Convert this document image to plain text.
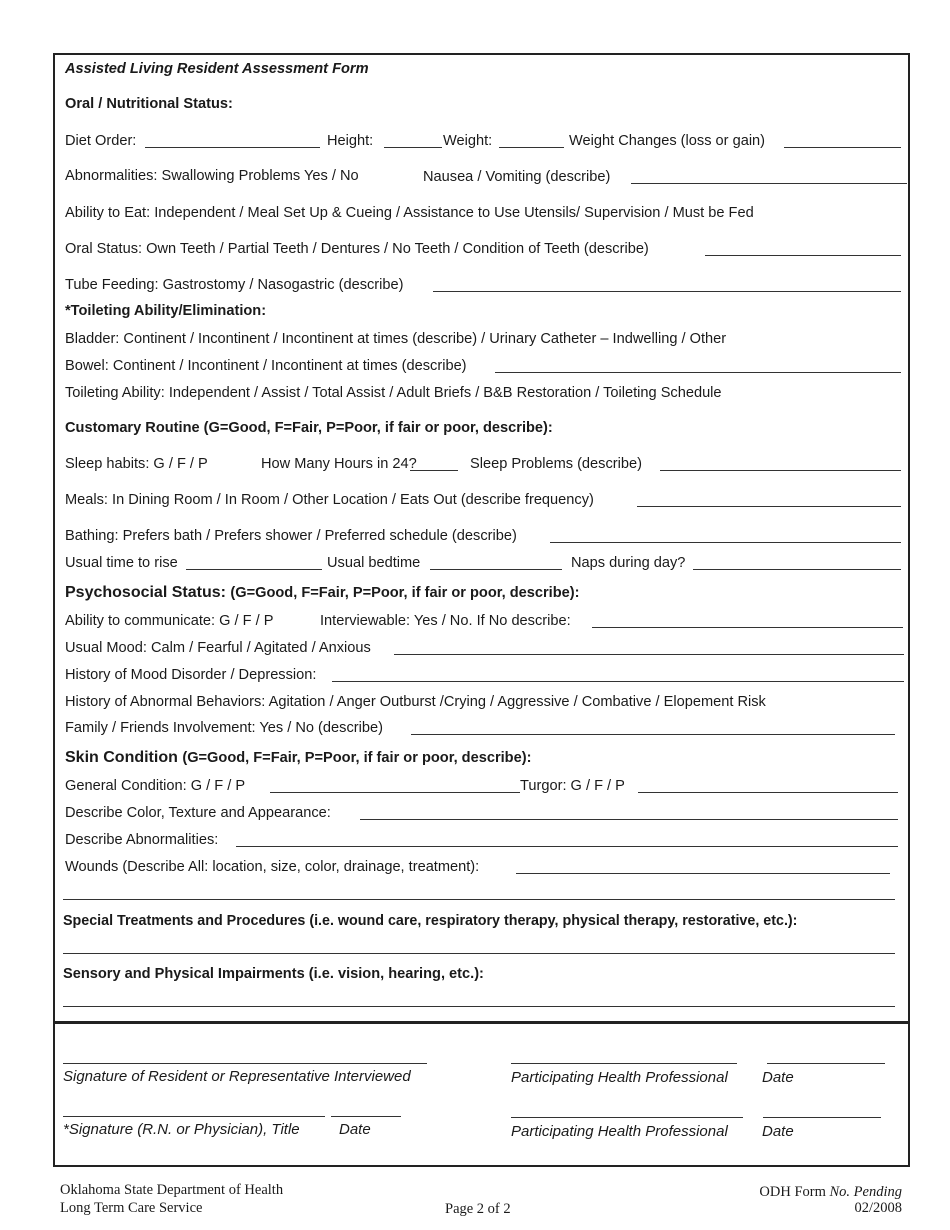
Assisted Living Resident Assessment Form
Oral / Nutritional Status:
Diet Order:	Height:	Weight:	Weight Changes (loss or gain)
Abnormalities: Swallowing Problems Yes / No	Nausea / Vomiting (describe)
Ability to Eat: Independent / Meal Set Up & Cueing / Assistance to Use Utensils/ Supervision / Must be Fed
Oral Status: Own Teeth / Partial Teeth / Dentures / No Teeth / Condition of Teeth (describe)
Tube Feeding: Gastrostomy / Nasogastric (describe)
*Toileting Ability/Elimination:
Bladder: Continent / Incontinent / Incontinent at times (describe) / Urinary Catheter – Indwelling / Other
Bowel: Continent / Incontinent / Incontinent at times (describe)
Toileting Ability: Independent / Assist / Total Assist / Adult Briefs / B&B Restoration / Toileting Schedule
Customary Routine (G=Good, F=Fair, P=Poor, if fair or poor, describe):
Sleep habits: G / F / P	How Many Hours in 24?	Sleep Problems (describe)
Meals: In Dining Room / In Room / Other Location / Eats Out (describe frequency)
Bathing: Prefers bath / Prefers shower / Preferred schedule (describe)
Usual time to rise	Usual bedtime	Naps during day?
Psychosocial Status: (G=Good, F=Fair, P=Poor, if fair or poor, describe):
Ability to communicate: G / F / P	Interviewable: Yes / No. If No describe:
Usual Mood: Calm / Fearful / Agitated / Anxious
History of Mood Disorder / Depression:
History of Abnormal Behaviors: Agitation / Anger Outburst /Crying / Aggressive / Combative / Elopement Risk
Family / Friends Involvement: Yes / No (describe)
Skin Condition (G=Good, F=Fair, P=Poor, if fair or poor, describe):
General Condition: G / F / P	Turgor: G / F / P
Describe Color, Texture and Appearance:
Describe Abnormalities:
Wounds (Describe All: location, size, color, drainage, treatment):
Special Treatments and Procedures (i.e. wound care, respiratory therapy, physical therapy, restorative, etc.):
Sensory and Physical Impairments (i.e. vision, hearing, etc.):
Signature of Resident or Representative Interviewed	Participating Health Professional Date
*Signature (R.N. or Physician), Title	Date	Participating Health Professional Date
Oklahoma State Department of Health
Long Term Care Service	Page 2 of 2
ODH Form No. Pending
02/2008
